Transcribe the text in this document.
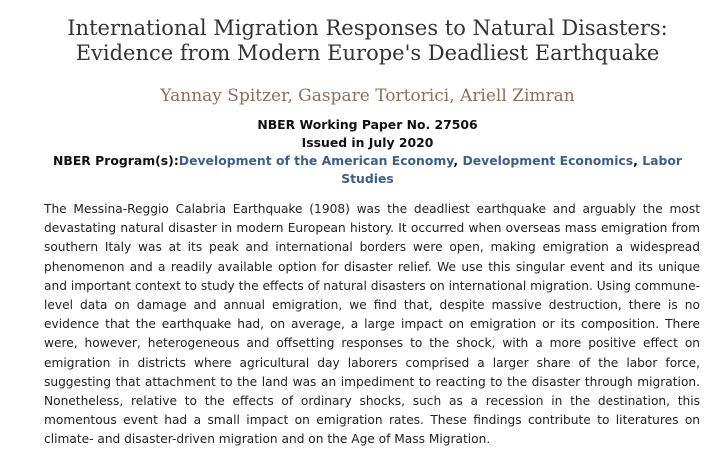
International Migration Responses to Natural Disasters: Evidence from Modern Europe's Deadliest Earthquake
Yannay Spitzer, Gaspare Tortorici, Ariell Zimran
NBER Working Paper No. 27506
Issued in July 2020
NBER Program(s):Development of the American Economy, Development Economics, Labor Studies

The Messina-Reggio Calabria Earthquake (1908) was the deadliest earthquake and arguably the most devastating natural disaster in modern European history. It occurred when overseas mass emigration from southern Italy was at its peak and international borders were open, making emigration a widespread phenomenon and a readily available option for disaster relief. We use this singular event and its unique and important context to study the effects of natural disasters on international migration. Using commune-level data on damage and annual emigration, we find that, despite massive destruction, there is no evidence that the earthquake had, on average, a large impact on emigration or its composition. There were, however, heterogeneous and offsetting responses to the shock, with a more positive effect on emigration in districts where agricultural day laborers comprised a larger share of the labor force, suggesting that attachment to the land was an impediment to reacting to the disaster through migration. Nonetheless, relative to the effects of ordinary shocks, such as a recession in the destination, this momentous event had a small impact on emigration rates. These findings contribute to literatures on climate- and disaster-driven migration and on the Age of Mass Migration.
